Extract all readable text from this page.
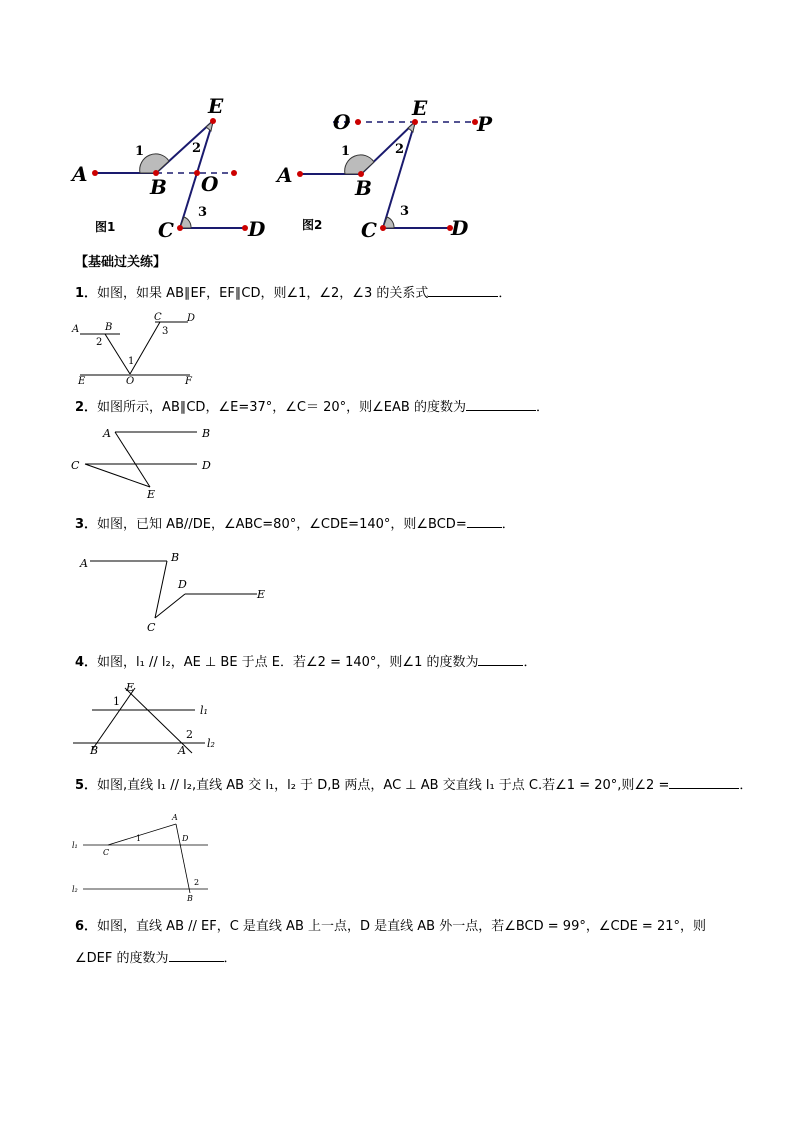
A
B O
E
C	D
1	2
3
图1
O
E
P
A
B
C	D
1	2
3
图2
【基础过关练】
1．如图，如果 AB∥EF，EF∥CD，则∠1，∠2，∠3 的关系式	．
A	B
C	D
E	O	F
1
2
3
2．如图所示，AB∥CD，∠E=37°，∠C＝ 20°，则∠EAB 的度数为	．
A	B
C	D
E
3．如图，已知 AB//DE，∠ABC=80°，∠CDE=140°，则∠BCD=	．
A	B
C
D
E
4．如图，l₁ // l₂，AE ⊥ BE 于点 E．若∠2 = 140°，则∠1 的度数为	．
E
B	A
1
2
l₁
l₂
5．如图,直线 l₁ // l₂,直线 AB 交 l₁，l₂ 于 D,B 两点，AC ⊥ AB 交直线 l₁ 于点 C.若∠1 = 20°,则∠2 =	．
A
C
D
B
1
2
l₁
l₂
6．如图，直线 AB // EF，C 是直线 AB 上一点，D 是直线 AB 外一点，若∠BCD = 99°，∠CDE = 21°，则
∠DEF 的度数为	．
